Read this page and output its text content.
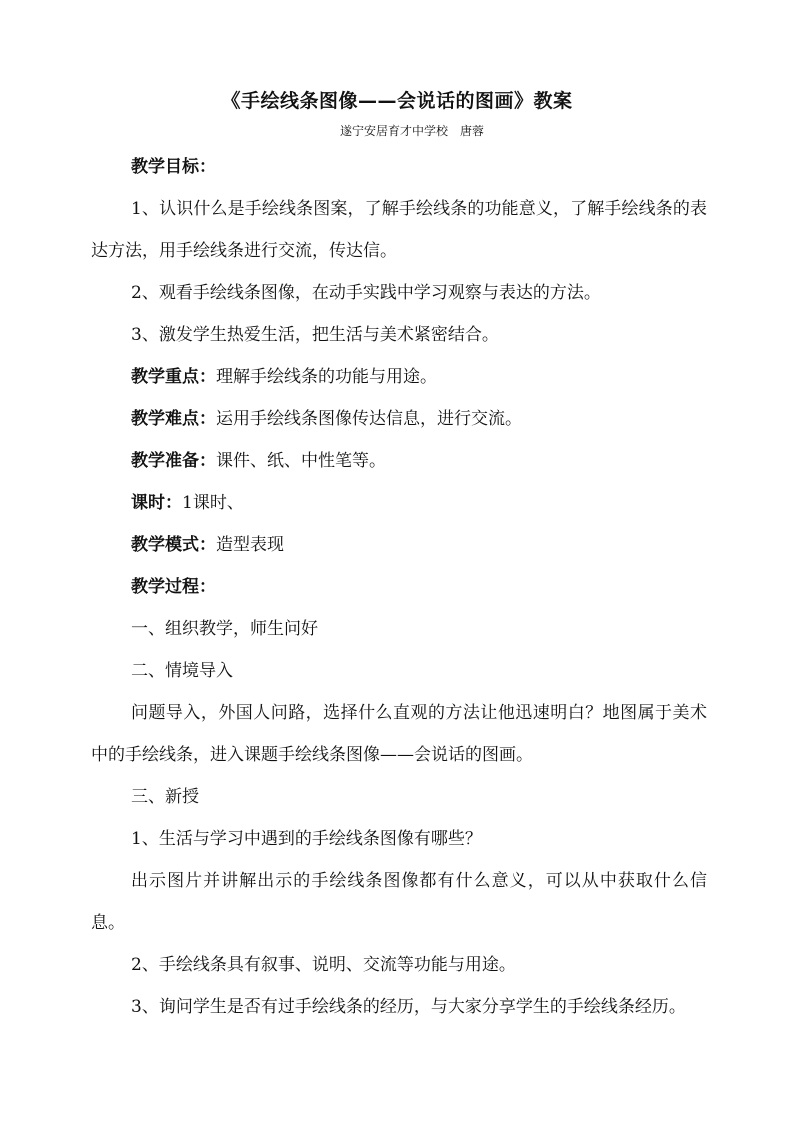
《手绘线条图像——会说话的图画》教案
遂宁安居育才中学校　唐蓉

教学目标：

1、认识什么是手绘线条图案，了解手绘线条的功能意义，了解手绘线条的表达方法，用手绘线条进行交流，传达信。

2、观看手绘线条图像，在动手实践中学习观察与表达的方法。

3、激发学生热爱生活，把生活与美术紧密结合。

教学重点：理解手绘线条的功能与用途。

教学难点：运用手绘线条图像传达信息，进行交流。

教学准备：课件、纸、中性笔等。

课时：1课时、

教学模式：造型表现

教学过程：

一、组织教学，师生问好

二、情境导入

问题导入，外国人问路，选择什么直观的方法让他迅速明白？地图属于美术中的手绘线条，进入课题手绘线条图像——会说话的图画。

三、新授

1、生活与学习中遇到的手绘线条图像有哪些？

出示图片并讲解出示的手绘线条图像都有什么意义，可以从中获取什么信息。

2、手绘线条具有叙事、说明、交流等功能与用途。

3、询问学生是否有过手绘线条的经历，与大家分享学生的手绘线条经历。
